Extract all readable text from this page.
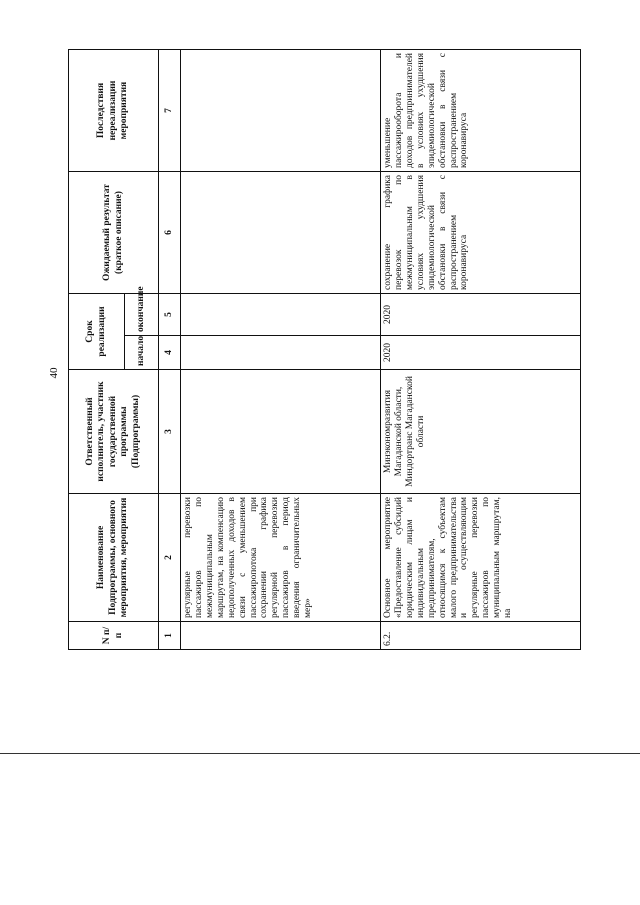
40
N п/п	Наименование Подпрограммы, основного мероприятия, мероприятия	Ответственный исполнитель, участник государственной программы (Подпрограммы)	Срок реализации		Ожидаемый результат (краткое описание)	Последствия нереализации мероприятия
			начало	окончание		
1	2	3	4	5	6	7
	регулярные перевозки пассажиров по межмуниципальным маршрутам, на компенсацию недополученных доходов в связи с уменьшением пассажиропотока при сохранении графика регулярной перевозки пассажиров в период введения ограничительных мер»					
6.2.	Основное мероприятие «Предоставление субсидий юридическим лицам и индивидуальным предпринимателям, относящимся к субъектам малого предпринимательства и осуществляющим регулярные перевозки пассажиров по муниципальным маршрутам, на	Минэкономразвития Магаданской области, Миндортранс Магаданской области	2020	2020	сохранение графика перевозок по межмуниципальным в условиях ухудшения эпидемиологической обстановки в связи с распространением коронавируса	уменьшение пассажирооборота и доходов предпринимателей в условиях ухудшения эпидемиологической обстановки в связи с распространением коронавируса
